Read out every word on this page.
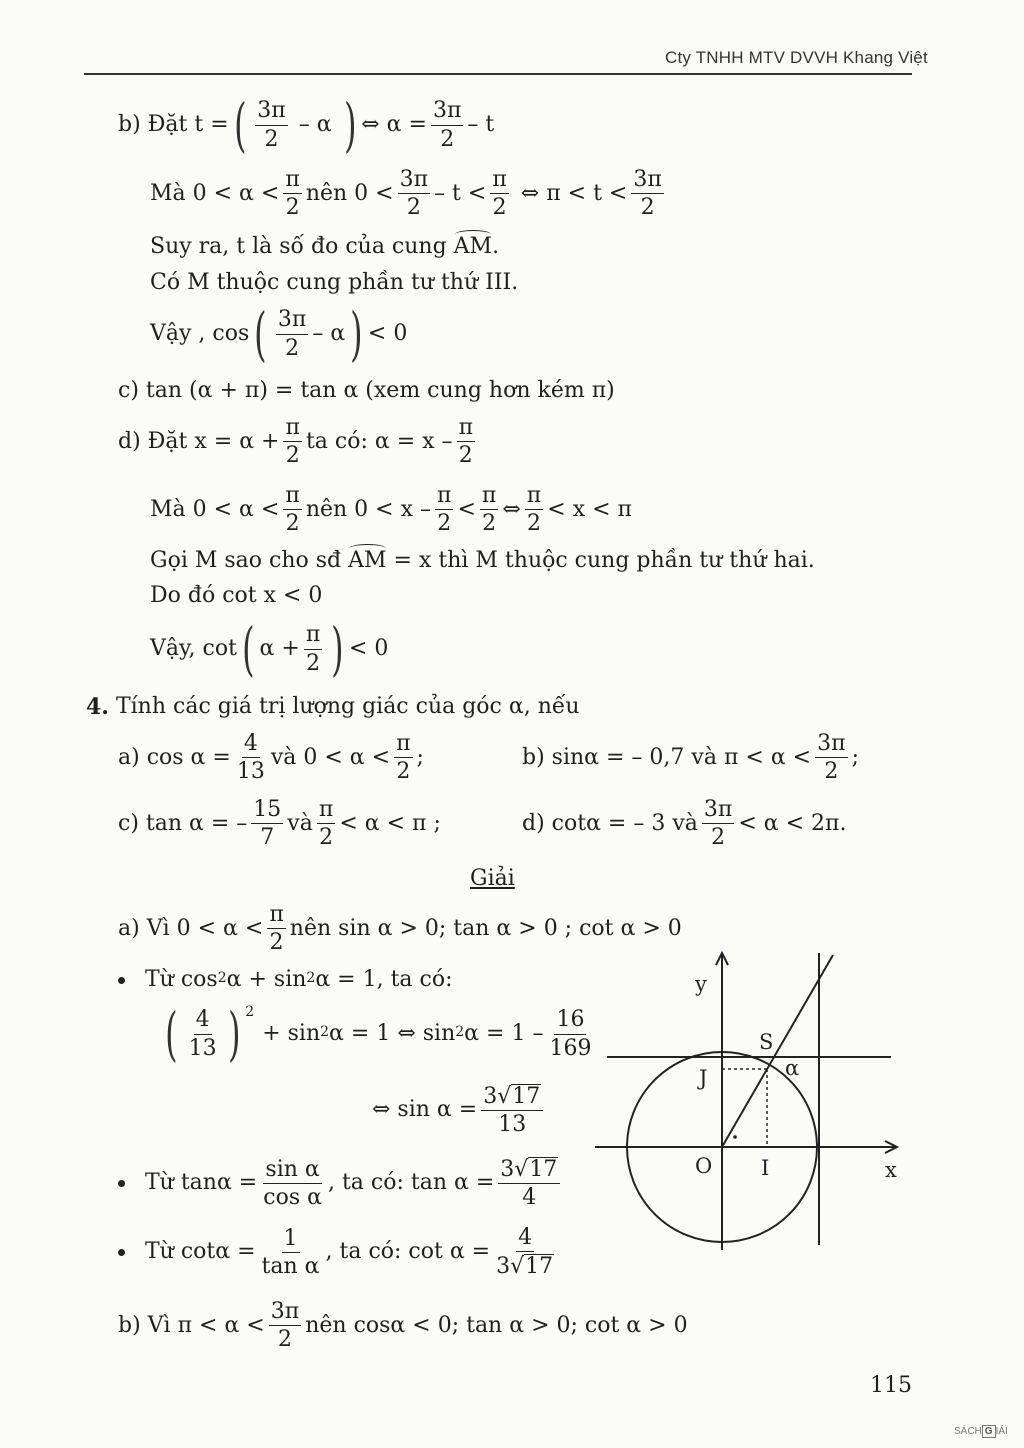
Cty TNHH MTV DVVH Khang Việt
b) Đặt t = ( 3π
2
– α ) ⇔ $\alpha = \frac{3\pi}{2} - t$
Mà 0 < α <
π
2
nên 0 <
3π
2
– t <
π
2
⇔ π < t <
3π
2
Suy ra, t là số đo của cung
AM .
Có M thuộc cung phần tư thứ III.
Vậy , cos ( 3π
2
– α ) < 0
c) tan (α + π) = tan α (xem cung hơn kém π)
d) Đặt $x = \alpha + \frac{\pi}{2}$ ta có: α = x –
π
2
Mà 0 < α <
π
2
nên 0 < x –
π
2
<
π
2
⇔
π
2
< x < π
Gọi M sao cho sđ
AM
= x thì M thuộc cung phần tư thứ hai.
Do đó cot x < 0
Vậy, cot ( $\alpha + \frac{\pi}{2}$ ) < 0
4.
Tính các giá trị lượng giác của góc α, nếu
a) $\cos \alpha = \frac{4}{13}$ và 0 < α <
π
2
;	b) sinα = – 0,7 và π < α <
3π
2
;
c) tan α = –
15
7
và
π
2
< α < π ;	d) cotα = – 3 và
3π
2
< α < 2π.
Giải
a) Vì 0 < α <
π
2
nên sin α > 0; tan α > 0 ; cot α > 0
Từ $\cos^2 \alpha + \sin^2 \alpha = 1$, ta có:
( 4
13 ) $^2$
+ $\sin^2 \alpha = 1$ ⇔ $\sin^2 \alpha = 1$ –
16
169
⇔ $\sin \alpha = \frac{3 √ 17}{13}$
Từ $\tan\alpha = \frac{\text{sin α}}{\text{cos α}}$ , ta có: $\tan \alpha = \frac{3 √ 17}{4}$
Từ $\cot\alpha = \frac{1}{\text{tan α}}$ , ta có: $\cot \alpha = \frac{4}{3 √ 17}$
b) Vì π < α <
3π
2
nên cosα < 0; tan α > 0; cot α > 0
y
x
O I
J
S
α
115
SÁCH G IẢI
